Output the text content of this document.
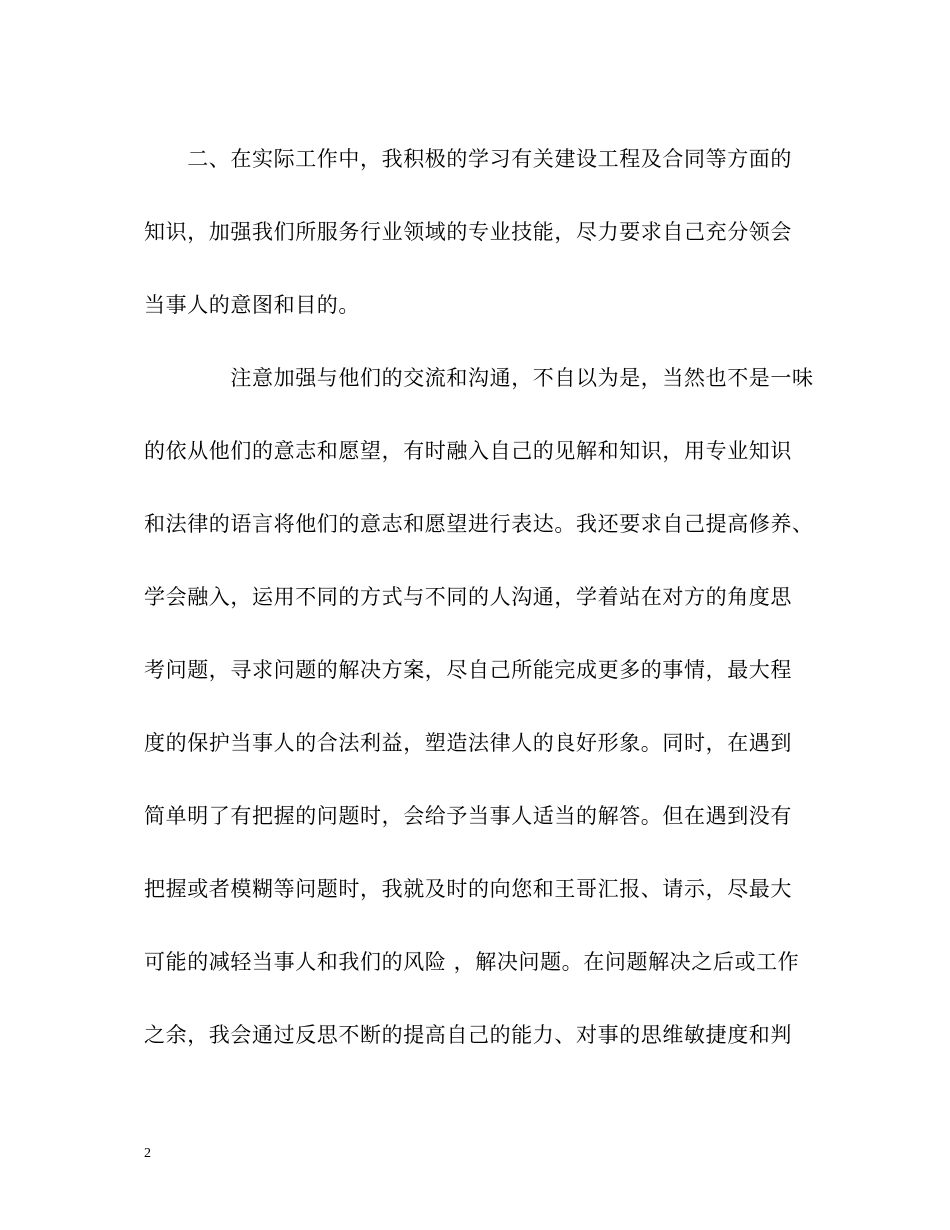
　　二、在实际工作中，我积极的学习有关建设工程及合同等方面的
知识，加强我们所服务行业领域的专业技能，尽力要求自己充分领会
当事人的意图和目的。
　　　　注意加强与他们的交流和沟通，不自以为是，当然也不是一味
的依从他们的意志和愿望，有时融入自己的见解和知识，用专业知识
和法律的语言将他们的意志和愿望进行表达。我还要求自己提高修养、
学会融入，运用不同的方式与不同的人沟通，学着站在对方的角度思
考问题，寻求问题的解决方案，尽自己所能完成更多的事情，最大程
度的保护当事人的合法利益，塑造法律人的良好形象。同时，在遇到
简单明了有把握的问题时，会给予当事人适当的解答。但在遇到没有
把握或者模糊等问题时，我就及时的向您和王哥汇报、请示，尽最大
可能的减轻当事人和我们的风险 ，解决问题。在问题解决之后或工作
之余，我会通过反思不断的提高自己的能力、对事的思维敏捷度和判
2
